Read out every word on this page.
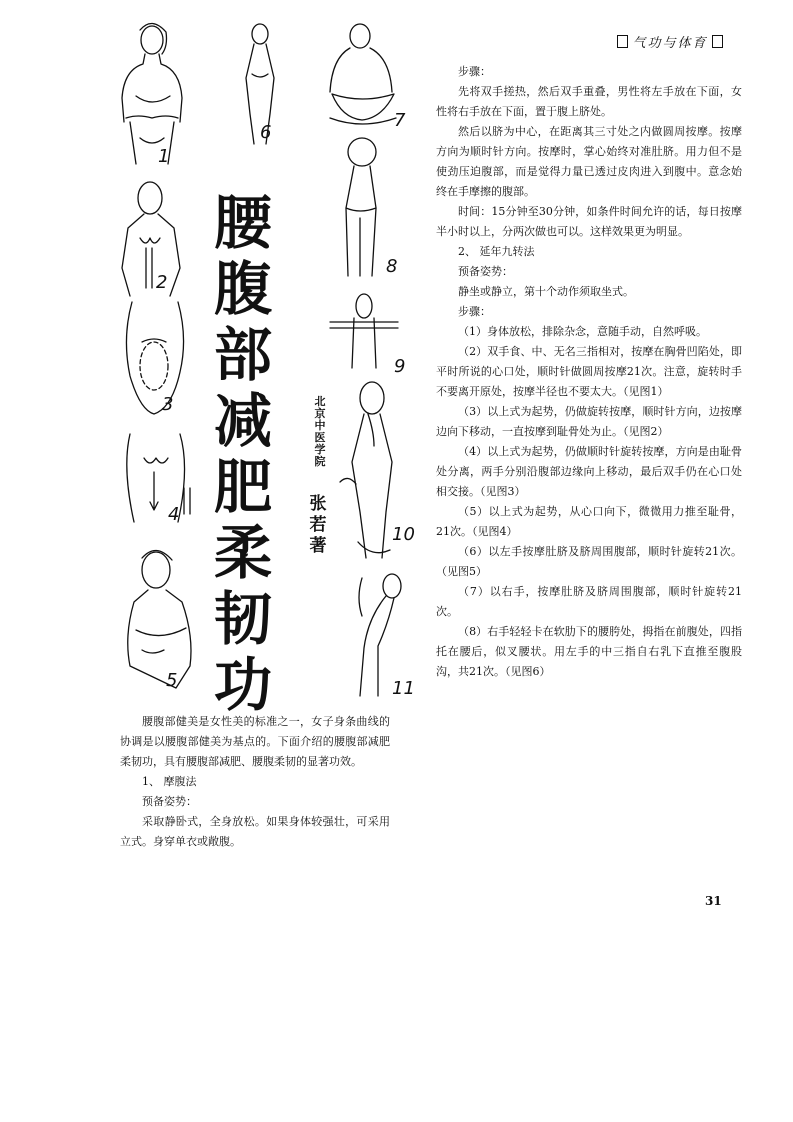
气功与体育
1
2
3
4
5
6
7
8
9
10
11
腰
腹
部
减
肥
柔
韧
功
北京中医学院
张若著

步骤：

先将双手搓热，然后双手重叠，男性将左手放在下面，女性将右手放在下面，置于腹上脐处。

然后以脐为中心，在距离其三寸处之内做圆周按摩。按摩方向为顺时针方向。按摩时，掌心始终对准肚脐。用力但不是使劲压迫腹部，而是觉得力量已透过皮肉进入到腹中。意念始终在手摩擦的腹部。

时间：15分钟至30分钟，如条件时间允许的话，每日按摩半小时以上，分两次做也可以。这样效果更为明显。

2、 延年九转法

预备姿势：

静坐或静立，第十个动作须取坐式。

步骤：

（1）身体放松，排除杂念，意随手动，自然呼吸。

（2）双手食、中、无名三指相对，按摩在胸骨凹陷处，即平时所说的心口处，顺时针做圆周按摩21次。注意，旋转时手不要离开原处，按摩半径也不要太大。（见图1）

（3）以上式为起势，仍做旋转按摩，顺时针方向，边按摩边向下移动，一直按摩到耻骨处为止。（见图2）

（4）以上式为起势，仍做顺时针旋转按摩，方向是由耻骨处分离，两手分别沿腹部边缘向上移动，最后双手仍在心口处相交接。（见图3）

（5）以上式为起势，从心口向下，微微用力推至耻骨，21次。（见图4）

（6）以左手按摩肚脐及脐周围腹部，顺时针旋转21次。（见图5）

（7）以右手，按摩肚脐及脐周围腹部，顺时针旋转21次。

（8）右手轻轻卡在软肋下的腰胯处，拇指在前腹处，四指托在腰后，似叉腰状。用左手的中三指自右乳下直推至腹股沟，共21次。（见图6）

腰腹部健美是女性美的标准之一，女子身条曲线的协调是以腰腹部健美为基点的。下面介绍的腰腹部减肥柔韧功，具有腰腹部减肥、腰腹柔韧的显著功效。

1、 摩腹法

预备姿势：

采取静卧式，全身放松。如果身体较强壮，可采用立式。身穿单衣或敞腹。

31
